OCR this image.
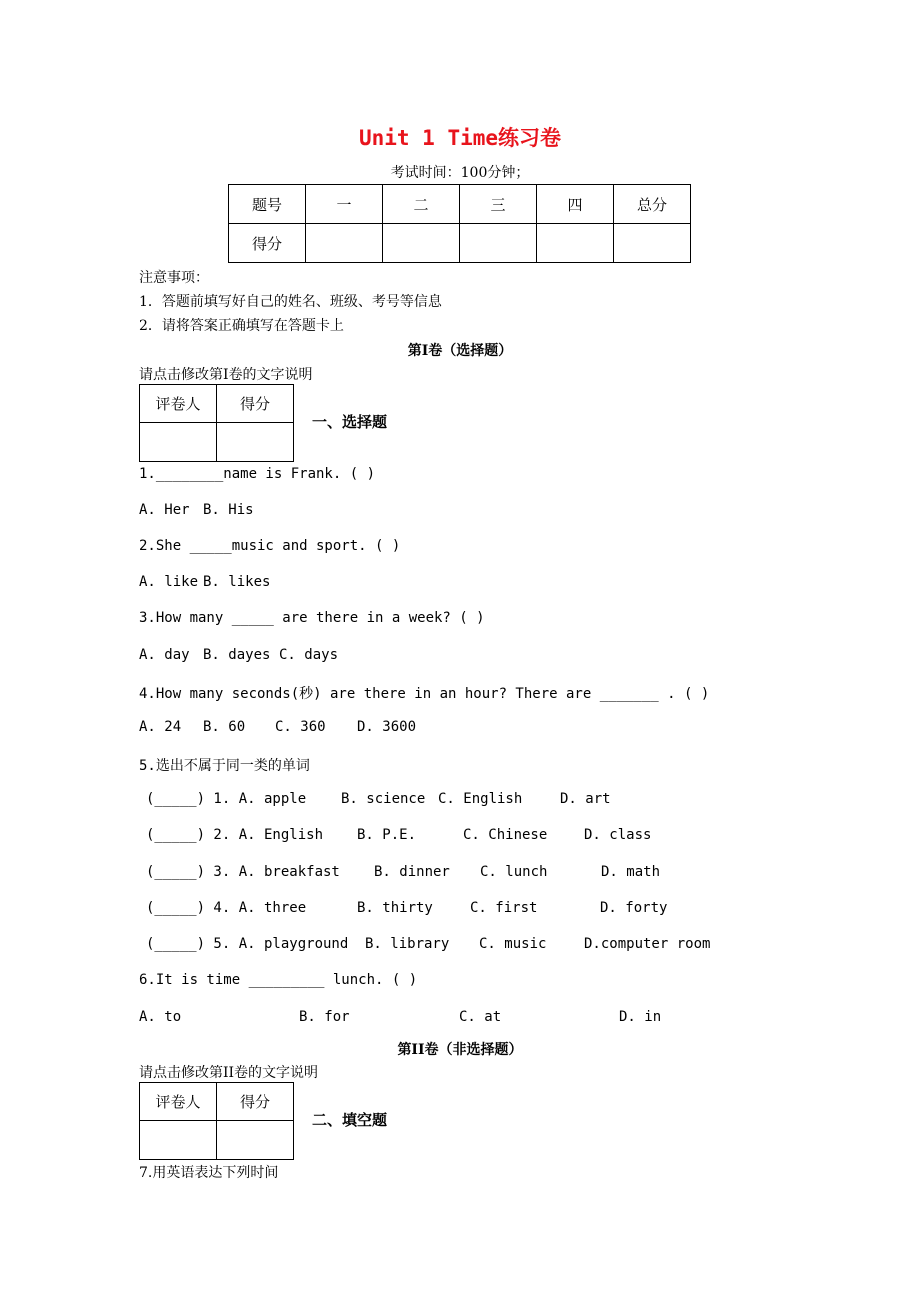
Unit 1 Time练习卷
考试时间：100分钟；
题号	一	二	三	四	总分
得分					
注意事项：
1．答题前填写好自己的姓名、班级、考号等信息
2．请将答案正确填写在答题卡上
第I卷（选择题）
请点击修改第I卷的文字说明
评卷人	得分

一、选择题
1.________name is Frank. ( )
A. Her B. His
2.She _____music and sport. ( )
A. like B. likes
3.How many _____ are there in a week? ( )
A. day B. dayes C. days
4.How many seconds(秒) are there in an hour? There are _______ . ( )
A. 24 B. 60 C. 360 D. 3600
5.选出不属于同一类的单词
(_____) 1. A. apple B. science C. English	D. art
(_____) 2. A. English B. P.E.	C. Chinese	D. class
(_____) 3. A. breakfast B. dinner C. lunch	D. math
(_____) 4. A. three	B. thirty	C. first	D. forty
(_____) 5. A. playground B. library C. music	D.computer room
6.It is time _________ lunch. ( )
A. to	B. for	C. at	D. in
第II卷（非选择题）
请点击修改第II卷的文字说明
评卷人	得分

二、填空题
7.用英语表达下列时间
